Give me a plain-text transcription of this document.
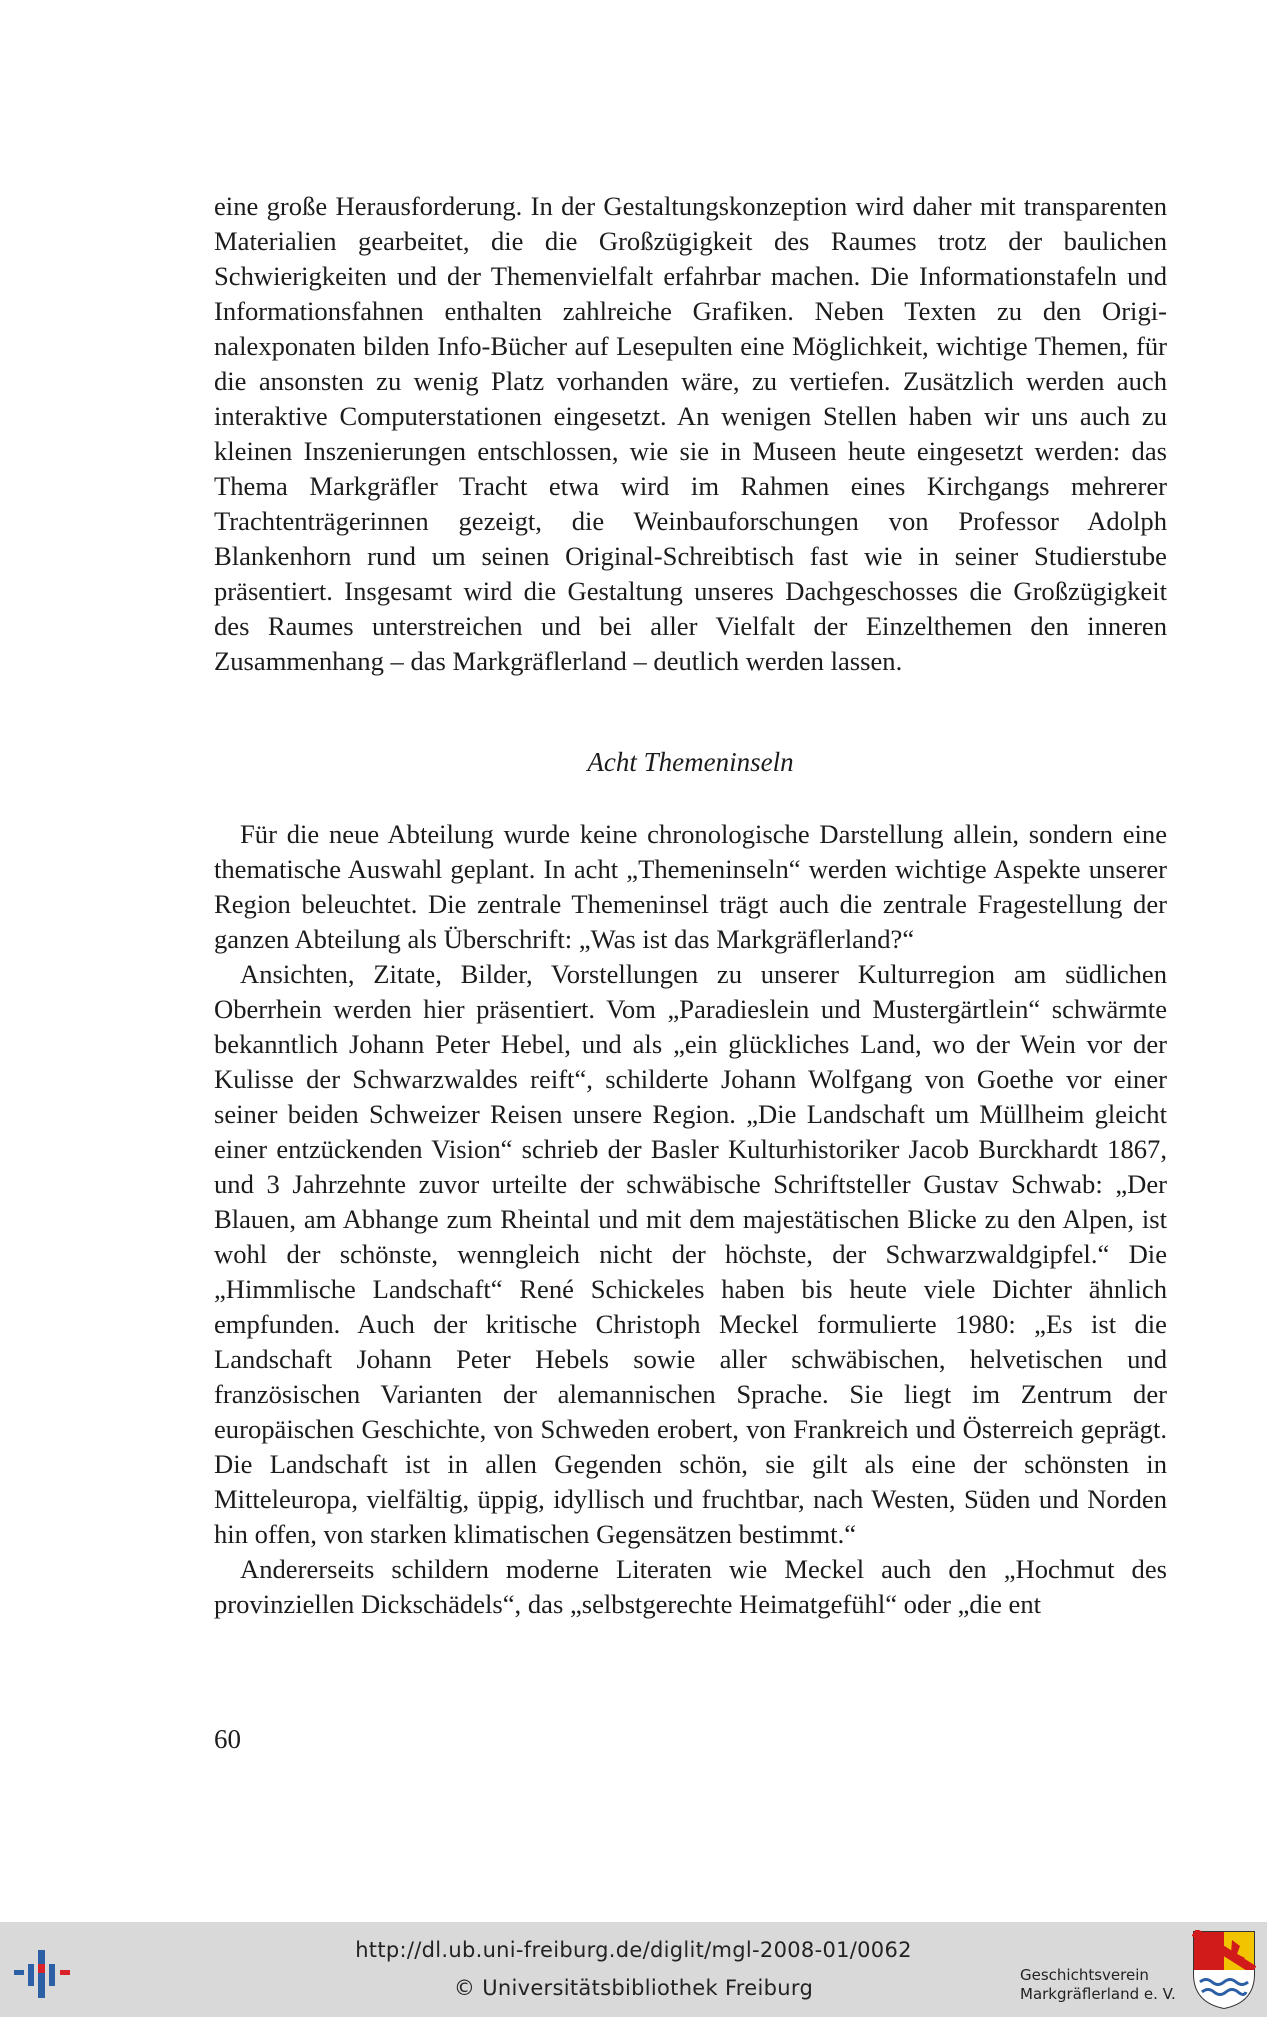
eine große Herausforderung. In der Gestaltungskonzeption wird daher mit transparenten Materialien gearbeitet, die die Großzügigkeit des Raumes trotz der baulichen Schwierigkeiten und der Themenvielfalt erfahrbar machen. Die Informationstafeln und Informationsfahnen enthalten zahlreiche Grafiken. Neben Texten zu den Originalexponaten bilden Info-Bücher auf Lesepulten eine Möglichkeit, wichtige Themen, für die ansonsten zu wenig Platz vorhanden wäre, zu vertiefen. Zusätzlich werden auch interaktive Computerstationen eingesetzt. An wenigen Stellen haben wir uns auch zu kleinen Inszenierungen entschlossen, wie sie in Museen heute eingesetzt werden: das Thema Markgräfler Tracht etwa wird im Rahmen eines Kirchgangs mehrerer Trachtenträgerinnen gezeigt, die Weinbauforschungen von Professor Adolph Blankenhorn rund um seinen Original-Schreibtisch fast wie in seiner Studierstube präsentiert. Insgesamt wird die Gestaltung unseres Dachgeschosses die Großzügigkeit des Raumes unterstreichen und bei aller Vielfalt der Einzelthemen den inneren Zusammenhang – das Markgräflerland – deutlich werden lassen.

Acht Themeninseln

Für die neue Abteilung wurde keine chronologische Darstellung allein, sondern eine thematische Auswahl geplant. In acht „Themeninseln“ werden wichtige Aspekte unserer Region beleuchtet. Die zentrale Themeninsel trägt auch die zentrale Fragestellung der ganzen Abteilung als Überschrift: „Was ist das Markgräflerland?“

Ansichten, Zitate, Bilder, Vorstellungen zu unserer Kulturregion am südlichen Oberrhein werden hier präsentiert. Vom „Paradieslein und Mustergärtlein“ schwärmte bekanntlich Johann Peter Hebel, und als „ein glückliches Land, wo der Wein vor der Kulisse der Schwarzwaldes reift“, schilderte Johann Wolfgang von Goethe vor einer seiner beiden Schweizer Reisen unsere Region. „Die Landschaft um Müllheim gleicht einer entzückenden Vision“ schrieb der Basler Kulturhistoriker Jacob Burckhardt 1867, und 3 Jahrzehnte zuvor urteilte der schwäbische Schriftsteller Gustav Schwab: „Der Blauen, am Abhange zum Rheintal und mit dem majestätischen Blicke zu den Alpen, ist wohl der schönste, wenngleich nicht der höchste, der Schwarzwaldgipfel.“ Die „Himmlische Landschaft“ René Schickeles haben bis heute viele Dichter ähnlich empfunden. Auch der kritische Christoph Meckel formulierte 1980: „Es ist die Landschaft Johann Peter Hebels sowie aller schwäbischen, helvetischen und französischen Varianten der alemannischen Sprache. Sie liegt im Zentrum der europäischen Geschichte, von Schweden erobert, von Frankreich und Österreich geprägt. Die Landschaft ist in allen Gegenden schön, sie gilt als eine der schönsten in Mitteleuropa, vielfältig, üppig, idyllisch und fruchtbar, nach Westen, Süden und Norden hin offen, von starken klimatischen Gegensätzen bestimmt.“

Andererseits schildern moderne Literaten wie Meckel auch den „Hochmut des provinziellen Dickschädels“, das „selbstgerechte Heimatgefühl“ oder „die ent

60
http://dl.ub.uni-freiburg.de/diglit/mgl-2008-01/0062
© Universitätsbibliothek Freiburg
Geschichtsverein
Markgräflerland e. V.
